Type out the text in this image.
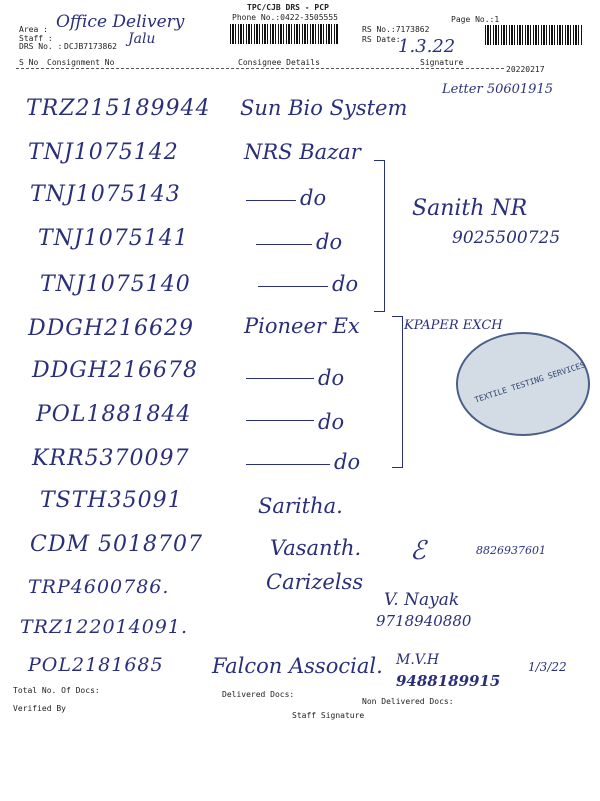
TPC/CJB DRS - PCP
Phone No.:0422-3505555
Area : Office Delivery
Staff :	Jalu
DRS No. : DCJB7173862
RS No.:7173862
RS Date:
1.3.22
Page No.:1
S No Consignment No	Consignee Details	Signature
20220217
TRZ215189944 Sun Bio System
TNJ1075142	NRS Bazar
TNJ1075143	do
TNJ1075141	do
TNJ1075140	do
DDGH216629 Pioneer Ex
DDGH216678	do
POL1881844	do
KRR5370097	do
TSTH35091	Saritha.
CDM 5018707	Vasanth.
TRP4600786.	Carizelss
TRZ122014091.
POL2181685 Falcon Associal.
Letter 50601915
Sanith NR
9025500725
KPAPER EXCH
TEXTILE TESTING SERVICES
ℰ	8826937601
V. Nayak
9718940880
M.V.H
9488189915
1/3/22
Total No. Of Docs:	Delivered Docs:
Non Delivered Docs:
Verified By
Staff Signature
